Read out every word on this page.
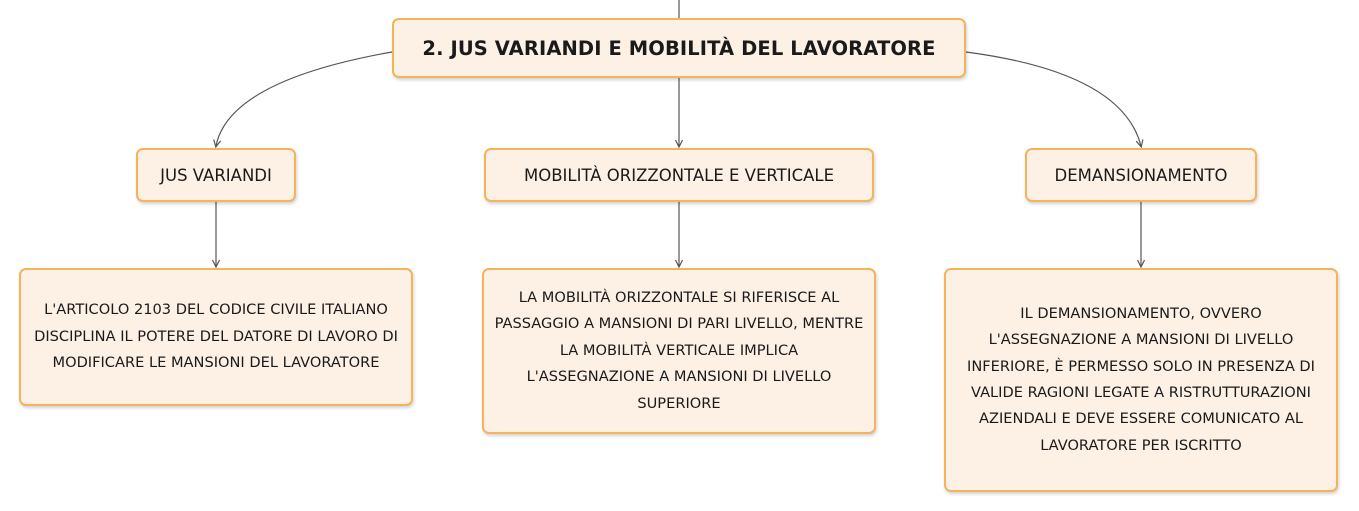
2. JUS VARIANDI E MOBILITÀ DEL LAVORATORE
JUS VARIANDI	MOBILITÀ ORIZZONTALE E VERTICALE	DEMANSIONAMENTO
L'ARTICOLO 2103 DEL CODICE CIVILE ITALIANO DISCIPLINA IL POTERE DEL DATORE DI LAVORO DI MODIFICARE LE MANSIONI DEL LAVORATORE
LA MOBILITÀ ORIZZONTALE SI RIFERISCE AL PASSAGGIO A MANSIONI DI PARI LIVELLO, MENTRE LA MOBILITÀ VERTICALE IMPLICA L'ASSEGNAZIONE A MANSIONI DI LIVELLO SUPERIORE
IL DEMANSIONAMENTO, OVVERO L'ASSEGNAZIONE A MANSIONI DI LIVELLO INFERIORE, È PERMESSO SOLO IN PRESENZA DI VALIDE RAGIONI LEGATE A RISTRUTTURAZIONI AZIENDALI E DEVE ESSERE COMUNICATO AL LAVORATORE PER ISCRITTO
